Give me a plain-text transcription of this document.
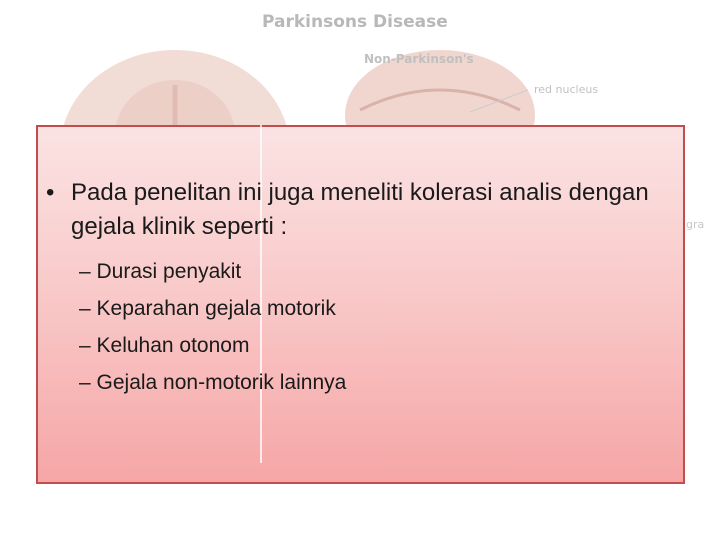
Parkinsons Disease
Non-Parkinson's
red nucleus
gra
• Pada penelitan ini juga meneliti kolerasi analis dengan gejala klinik seperti :
– Durasi penyakit
– Keparahan gejala motorik
– Keluhan otonom
– Gejala non-motorik lainnya
